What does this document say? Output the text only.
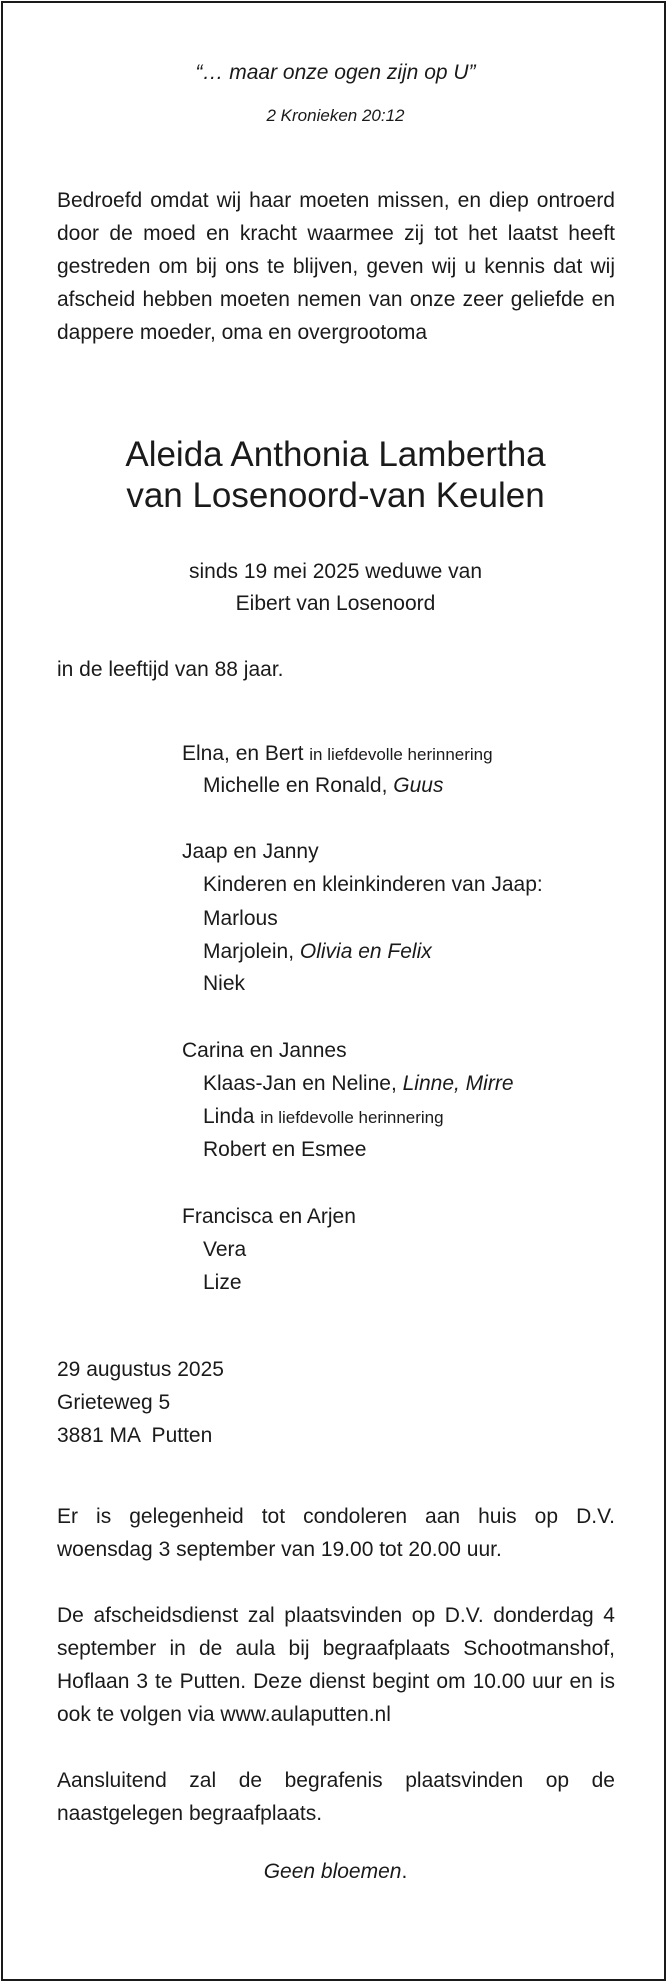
“… maar onze ogen zijn op U”
2 Kronieken 20:12
Bedroefd omdat wij haar moeten missen, en diep ontroerd door de moed en kracht waarmee zij tot het laatst heeft gestreden om bij ons te blijven, geven wij u kennis dat wij afscheid hebben moeten nemen van onze zeer geliefde en dappere moeder, oma en overgrootoma
Aleida Anthonia Lambertha
van Losenoord-van Keulen
sinds 19 mei 2025 weduwe van
Eibert van Losenoord
in de leeftijd van 88 jaar.
Elna, en Bert in liefdevolle herinnering
Michelle en Ronald, Guus
Jaap en Janny
Kinderen en kleinkinderen van Jaap:
Marlous
Marjolein, Olivia en Felix
Niek
Carina en Jannes
Klaas-Jan en Neline, Linne, Mirre
Linda in liefdevolle herinnering
Robert en Esmee
Francisca en Arjen
Vera
Lize
29 augustus 2025
Grieteweg 5
3881 MA  Putten
Er is gelegenheid tot condoleren aan huis op D.V. woensdag 3 september van 19.00 tot 20.00 uur.
De afscheidsdienst zal plaatsvinden op D.V. donderdag 4 september in de aula bij begraafplaats Schootmanshof, Hoflaan 3 te Putten. Deze dienst begint om 10.00 uur en is ook te volgen via www.aulaputten.nl
Aansluitend zal de begrafenis plaatsvinden op de naastgelegen begraafplaats.
Geen bloemen.
